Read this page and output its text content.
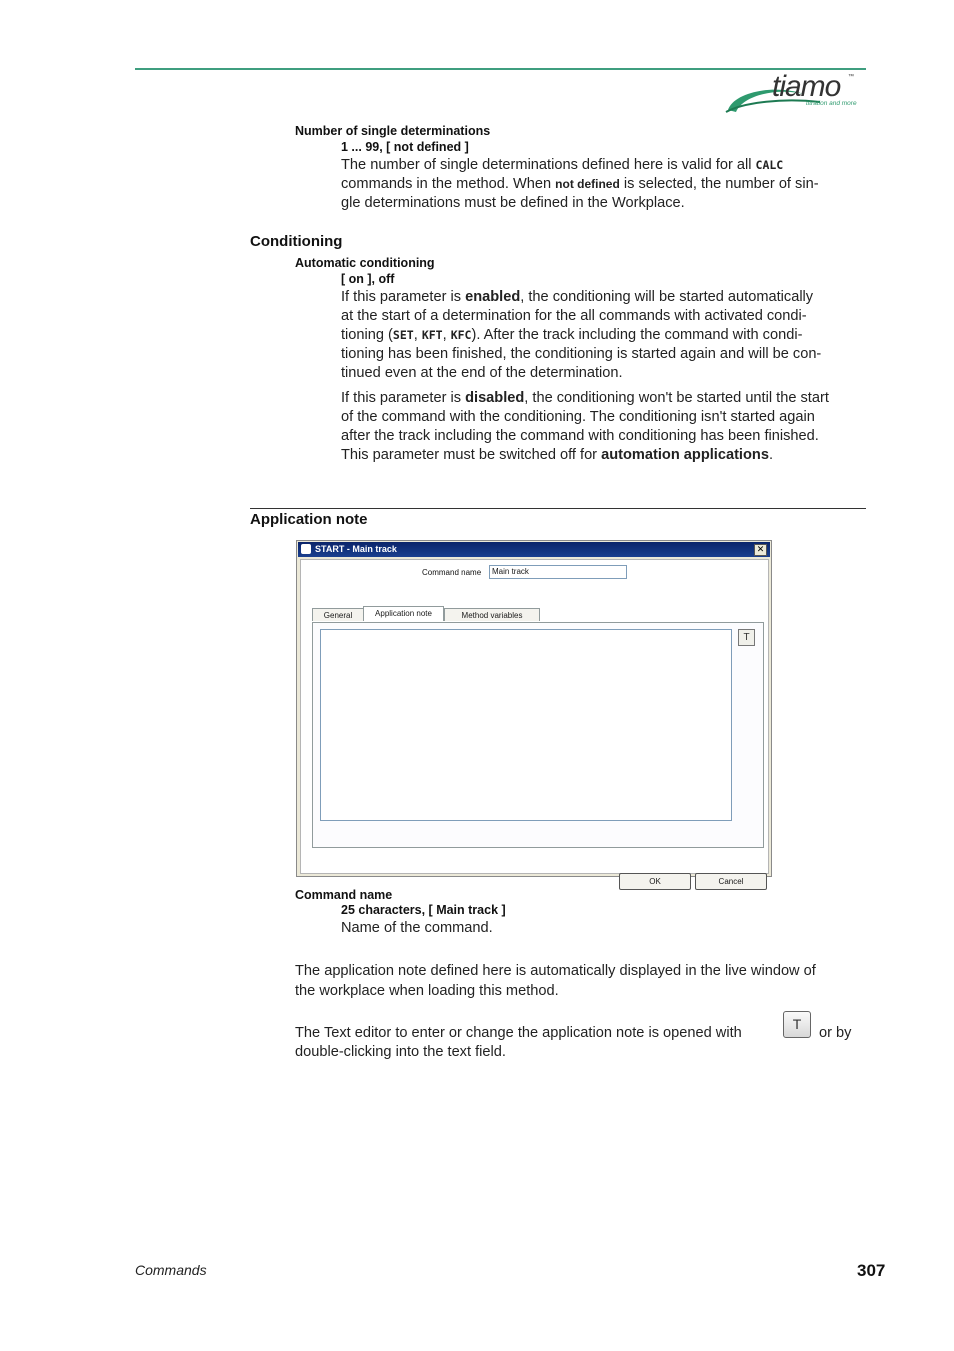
tiamo ™
titration and more
Number of single determinations
1 ... 99, [ not defined ]
The number of single determinations defined here is valid for all CALC
commands in the method. When not defined is selected, the number of sin-
gle determinations must be defined in the Workplace.
Conditioning
Automatic conditioning
[ on ], off
If this parameter is enabled, the conditioning will be started automatically
at the start of a determination for the all commands with activated condi-
tioning (SET, KFT, KFC). After the track including the command with condi-
tioning has been finished, the conditioning is started again and will be con-
tinued even at the end of the determination.
If this parameter is disabled, the conditioning won't be started until the start
of the command with the conditioning. The conditioning isn't started again
after the track including the command with conditioning has been finished.
This parameter must be switched off for automation applications.
Application note
START - Main track	✕
Command name	Main track
General	Application note	Method variables
T
OK	Cancel
Command name
25 characters, [ Main track ]
Name of the command.
The application note defined here is automatically displayed in the live window of
the workplace when loading this method.
The Text editor to enter or change the application note is opened with
T
or by
double-clicking into the text field.
Commands	307
